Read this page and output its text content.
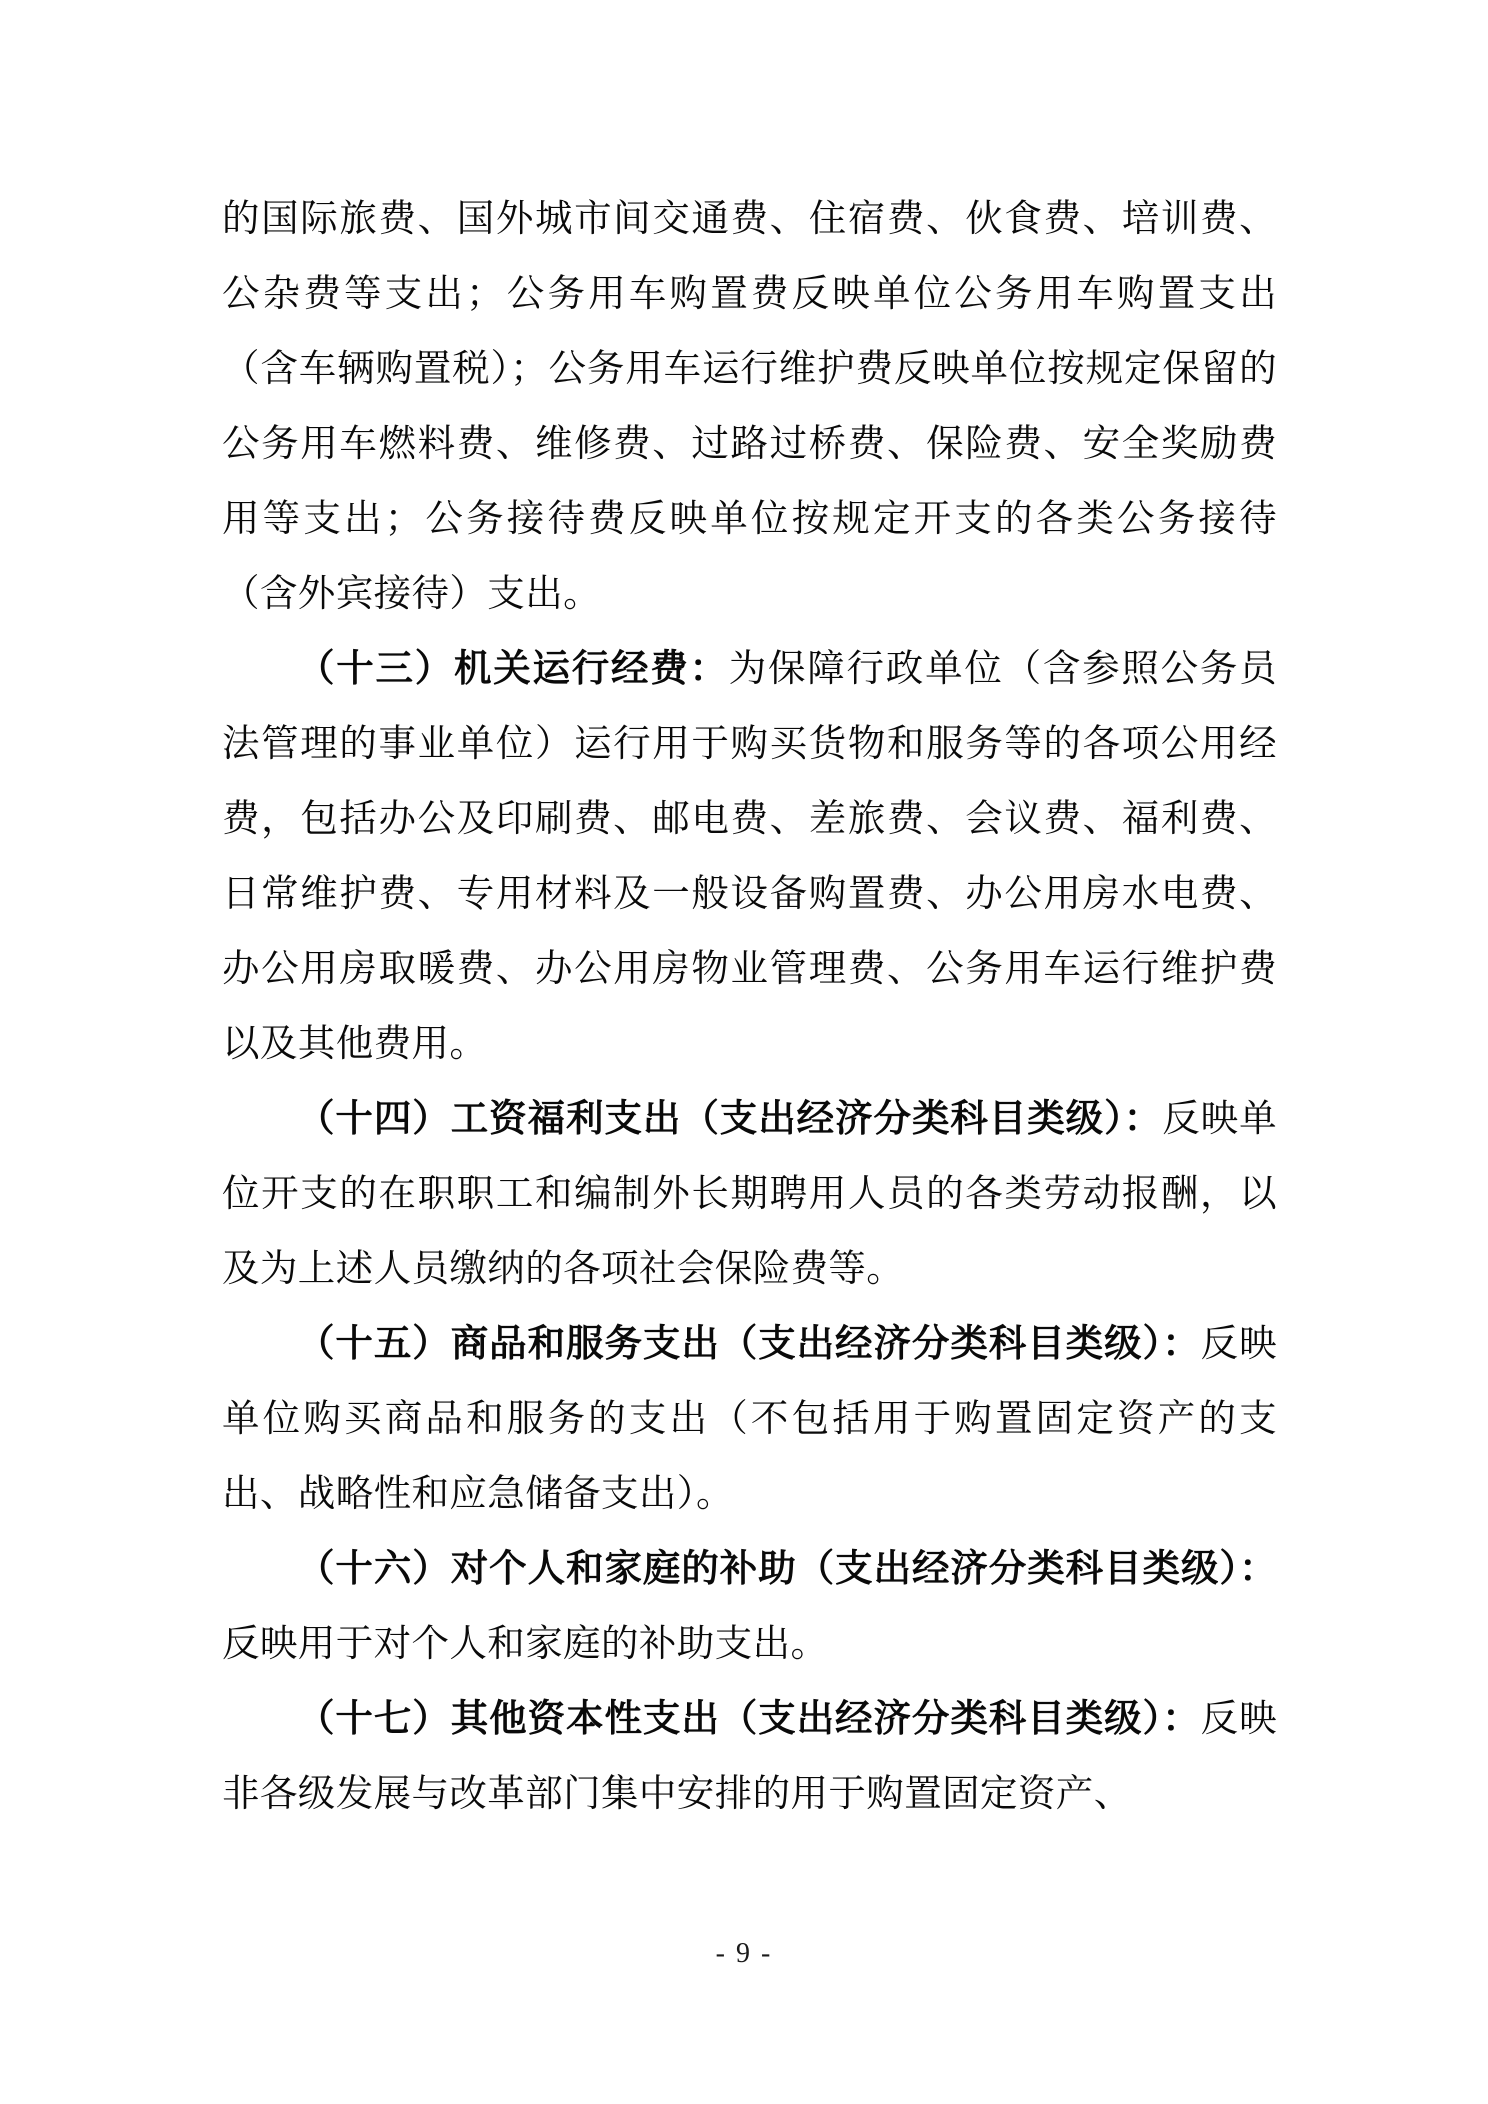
的国际旅费、国外城市间交通费、住宿费、伙食费、培训费、公杂费等支出；公务用车购置费反映单位公务用车购置支出（含车辆购置税）；公务用车运行维护费反映单位按规定保留的公务用车燃料费、维修费、过路过桥费、保险费、安全奖励费用等支出；公务接待费反映单位按规定开支的各类公务接待（含外宾接待）支出。

（十三）机关运行经费：为保障行政单位（含参照公务员法管理的事业单位）运行用于购买货物和服务等的各项公用经费，包括办公及印刷费、邮电费、差旅费、会议费、福利费、日常维护费、专用材料及一般设备购置费、办公用房水电费、办公用房取暖费、办公用房物业管理费、公务用车运行维护费以及其他费用。

（十四）工资福利支出（支出经济分类科目类级）：反映单位开支的在职职工和编制外长期聘用人员的各类劳动报酬，以及为上述人员缴纳的各项社会保险费等。

（十五）商品和服务支出（支出经济分类科目类级）：反映单位购买商品和服务的支出（不包括用于购置固定资产的支出、战略性和应急储备支出）。

（十六）对个人和家庭的补助（支出经济分类科目类级）：反映用于对个人和家庭的补助支出。

（十七）其他资本性支出（支出经济分类科目类级）：反映非各级发展与改革部门集中安排的用于购置固定资产、

- 9 -
